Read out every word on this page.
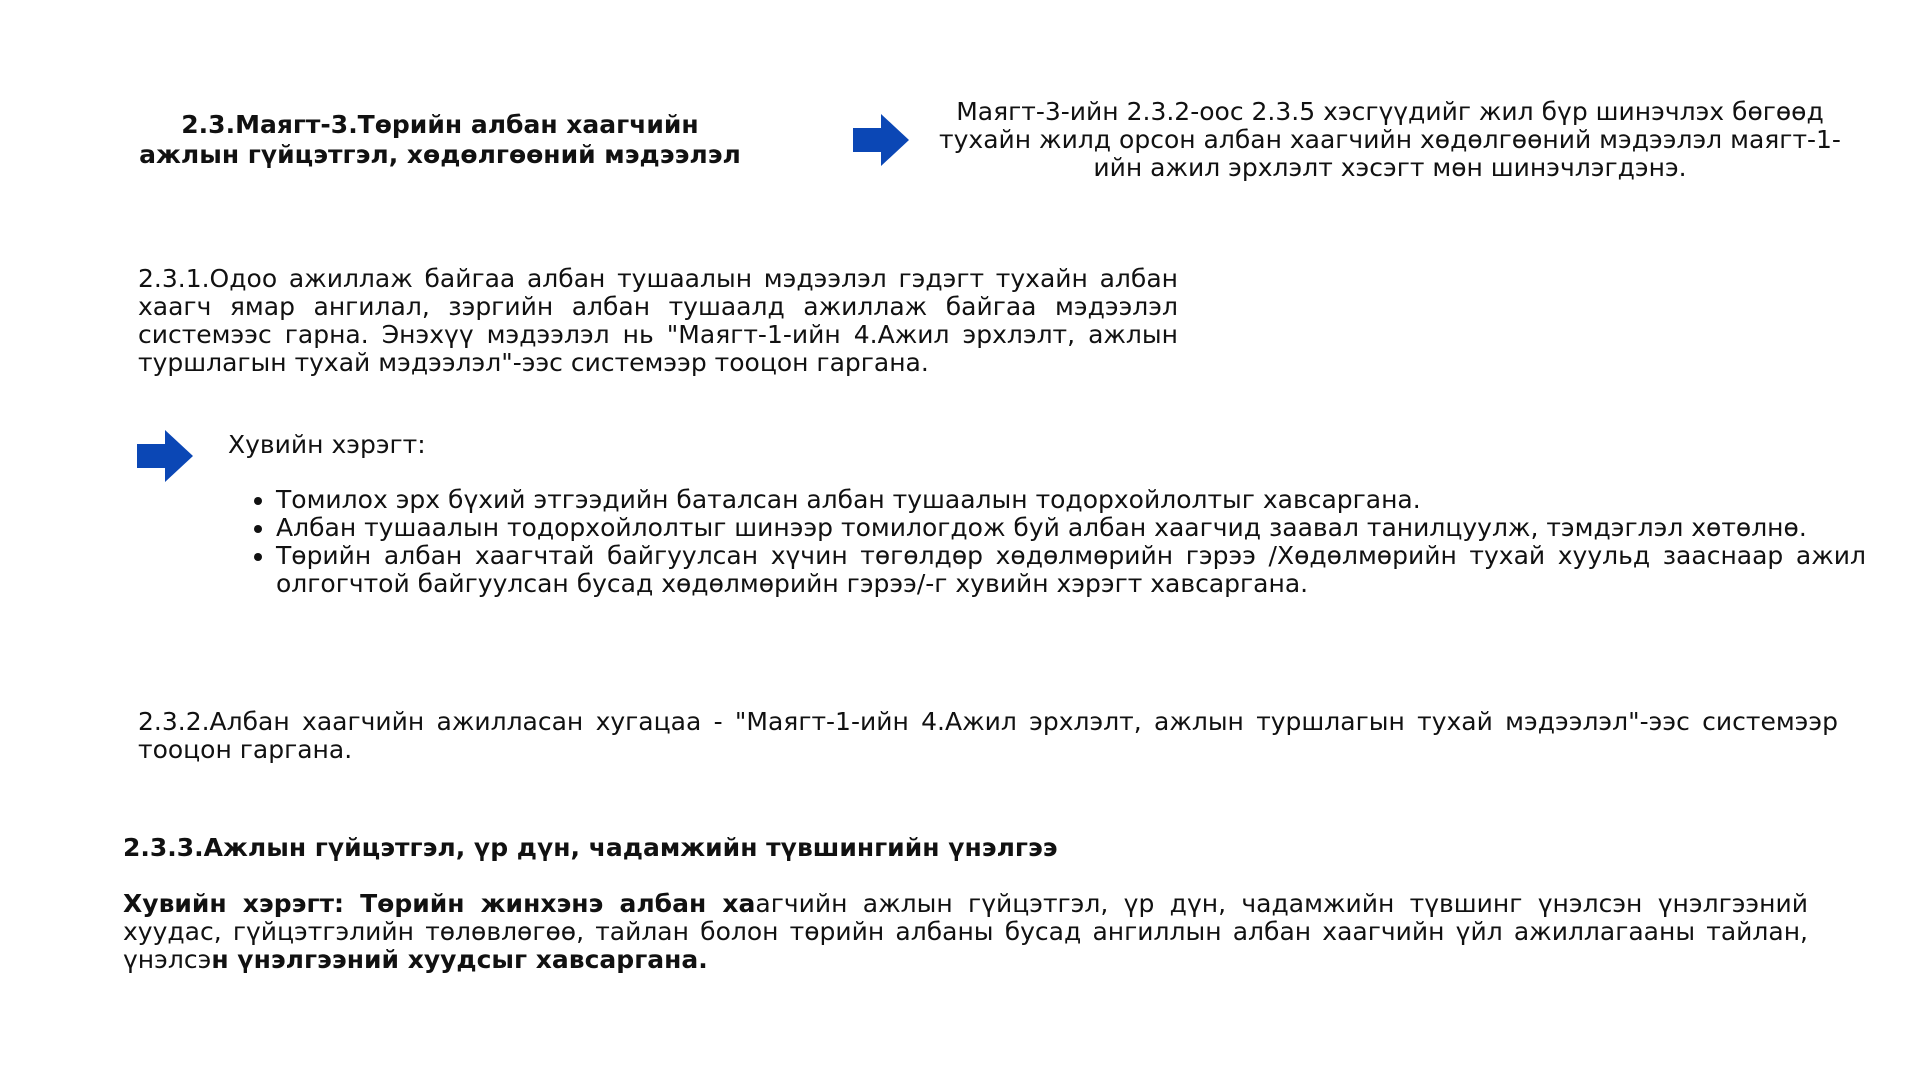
2.3.Маягт-3.Төрийн албан хаагчийн ажлын гүйцэтгэл, хөдөлгөөний мэдээлэл

Маягт-3-ийн 2.3.2-оос 2.3.5 хэсгүүдийг жил бүр шинэчлэх бөгөөд тухайн жилд орсон албан хаагчийн хөдөлгөөний мэдээлэл маягт-1-ийн ажил эрхлэлт хэсэгт мөн шинэчлэгдэнэ.

2.3.1.Одоо ажиллаж байгаа албан тушаалын мэдээлэл гэдэгт тухайн албан хаагч ямар ангилал, зэргийн албан тушаалд ажиллаж байгаа мэдээлэл системээс гарна. Энэхүү мэдээлэл нь "Маягт-1-ийн 4.Ажил эрхлэлт, ажлын туршлагын тухай мэдээлэл"-ээс системээр тооцон гаргана.

Хувийн хэрэгт:

• Томилох эрх бүхий этгээдийн баталсан албан тушаалын тодорхойлолтыг хавсаргана.
• Албан тушаалын тодорхойлолтыг шинээр томилогдож буй албан хаагчид заавал танилцуулж, тэмдэглэл хөтөлнө.
• Төрийн албан хаагчтай байгуулсан хүчин төгөлдөр хөдөлмөрийн гэрээ /Хөдөлмөрийн тухай хуульд зааснаар ажил олгогчтой байгуулсан бусад хөдөлмөрийн гэрээ/-г хувийн хэрэгт хавсаргана.

2.3.2.Албан хаагчийн ажилласан хугацаа - "Маягт-1-ийн 4.Ажил эрхлэлт, ажлын туршлагын тухай мэдээлэл"-ээс системээр тооцон гаргана.

2.3.3.Ажлын гүйцэтгэл, үр дүн, чадамжийн түвшингийн үнэлгээ

Хувийн хэрэгт: Төрийн жинхэнэ албан хаагчийн ажлын гүйцэтгэл, үр дүн, чадамжийн түвшинг үнэлсэн үнэлгээний хуудас, гүйцэтгэлийн төлөвлөгөө, тайлан болон төрийн албаны бусад ангиллын албан хаагчийн үйл ажиллагааны тайлан, үнэлсэн үнэлгээний хуудсыг хавсаргана.
